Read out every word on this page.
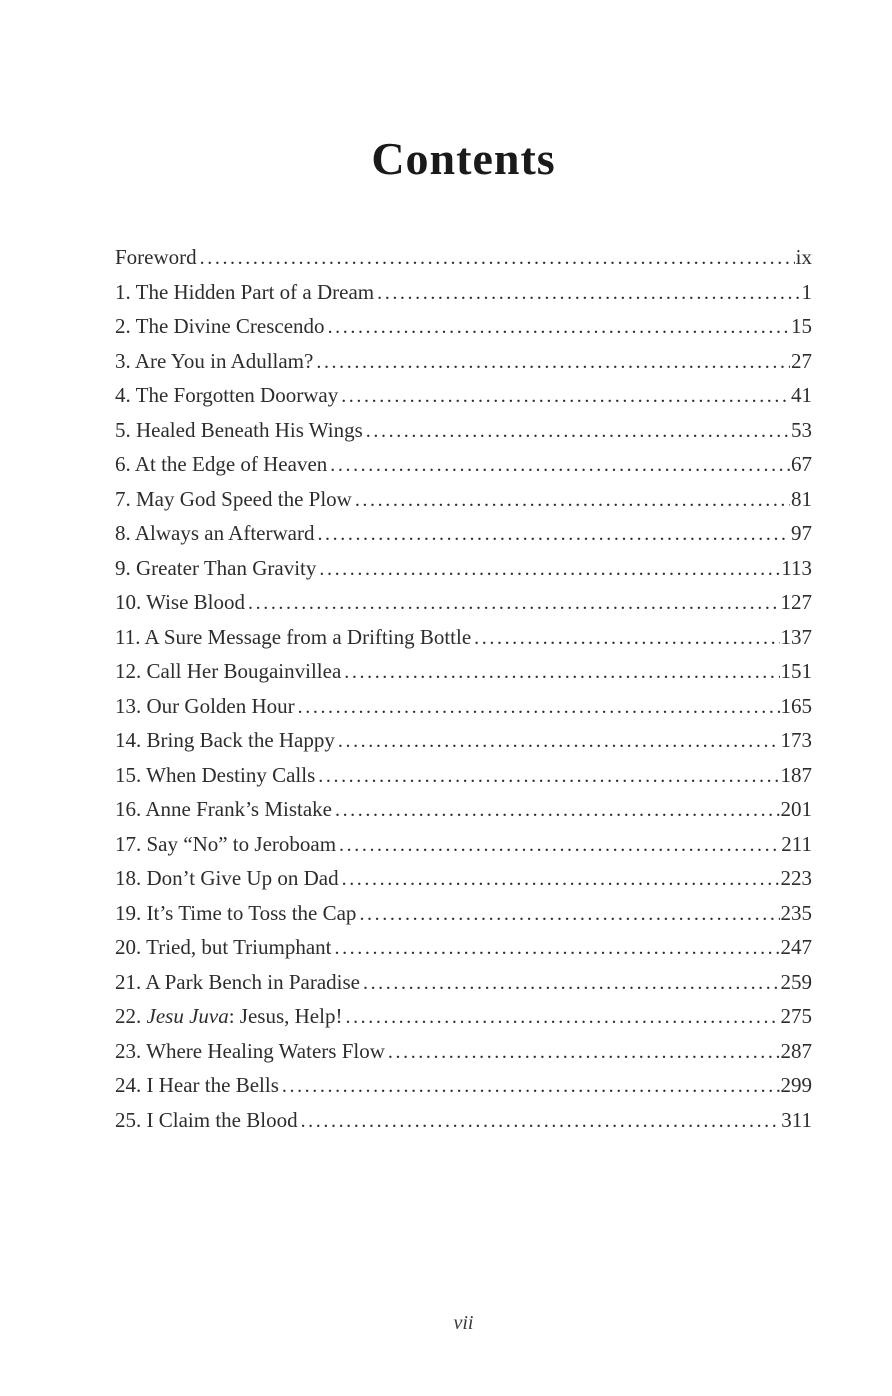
Contents
Foreword .....	ix
1. The Hidden Part of a Dream .....	1
2. The Divine Crescendo .....	15
3. Are You in Adullam? .....	27
4. The Forgotten Doorway .....	41
5. Healed Beneath His Wings .....	53
6. At the Edge of Heaven .....	67
7. May God Speed the Plow .....	81
8. Always an Afterward .....	97
9. Greater Than Gravity .....	113
10. Wise Blood .....	127
11. A Sure Message from a Drifting Bottle .....	137
12. Call Her Bougainvillea .....	151
13. Our Golden Hour .....	165
14. Bring Back the Happy .....	173
15. When Destiny Calls .....	187
16. Anne Frank’s Mistake .....	201
17. Say “No” to Jeroboam .....	211
18. Don’t Give Up on Dad .....	223
19. It’s Time to Toss the Cap .....	235
20. Tried, but Triumphant .....	247
21. A Park Bench in Paradise .....	259
22. Jesu Juva: Jesus, Help! .....	275
23. Where Healing Waters Flow .....	287
24. I Hear the Bells .....	299
25. I Claim the Blood .....	311
vii
